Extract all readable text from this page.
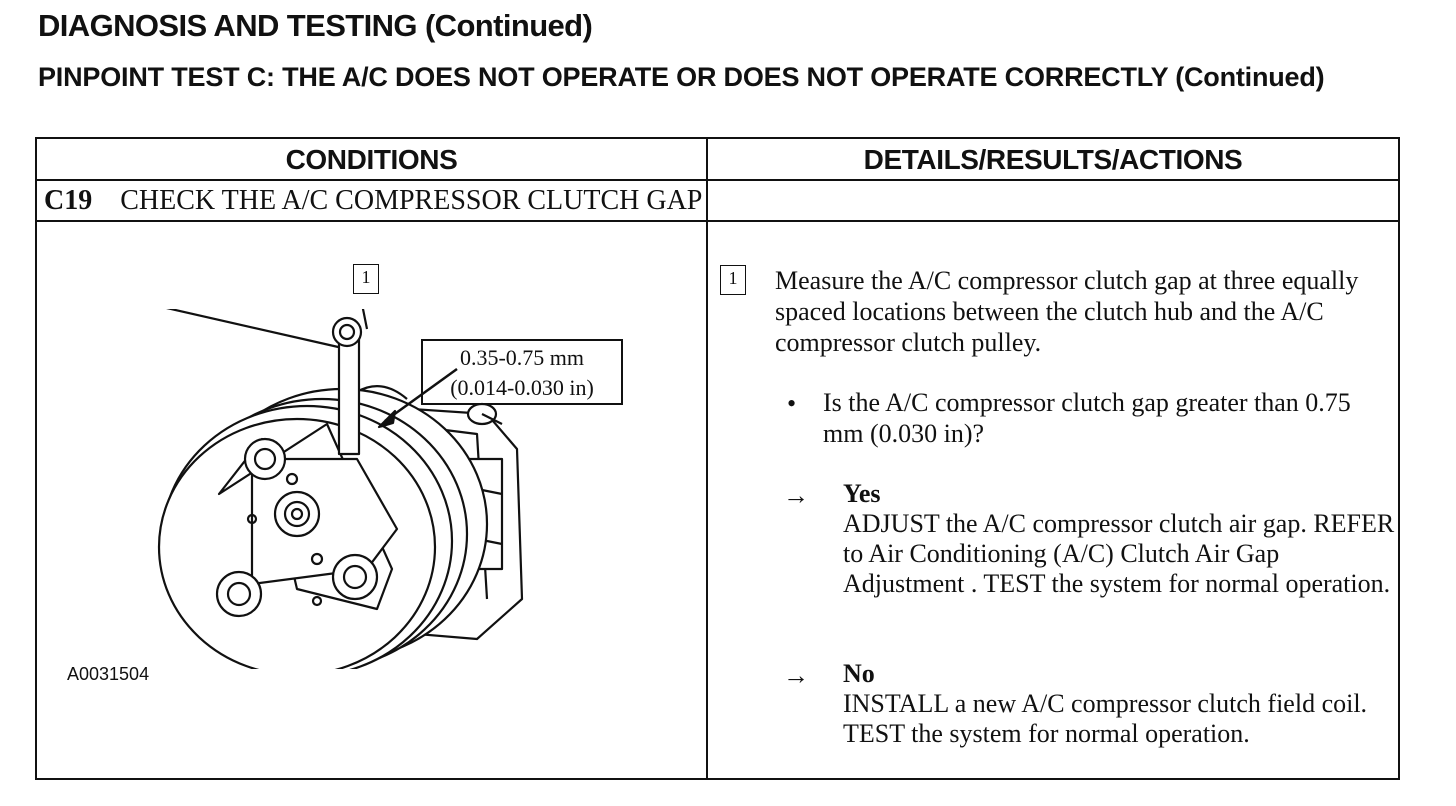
DIAGNOSIS AND TESTING (Continued)
PINPOINT TEST C: THE A/C DOES NOT OPERATE OR DOES NOT OPERATE CORRECTLY (Continued)
CONDITIONS	DETAILS/RESULTS/ACTIONS
C19 CHECK THE A/C COMPRESSOR CLUTCH GAP
1
0.35-0.75 mm
(0.014-0.030 in)
A0031504
1	Measure the A/C compressor clutch gap at three equally spaced locations between the clutch hub and the A/C compressor clutch pulley.
• Is the A/C compressor clutch gap greater than 0.75 mm (0.030 in)?
→ Yes
ADJUST the A/C compressor clutch air gap. REFER to Air Conditioning (A/C) Clutch Air Gap Adjustment . TEST the system for normal operation.
→ No
INSTALL a new A/C compressor clutch field coil. TEST the system for normal operation.
